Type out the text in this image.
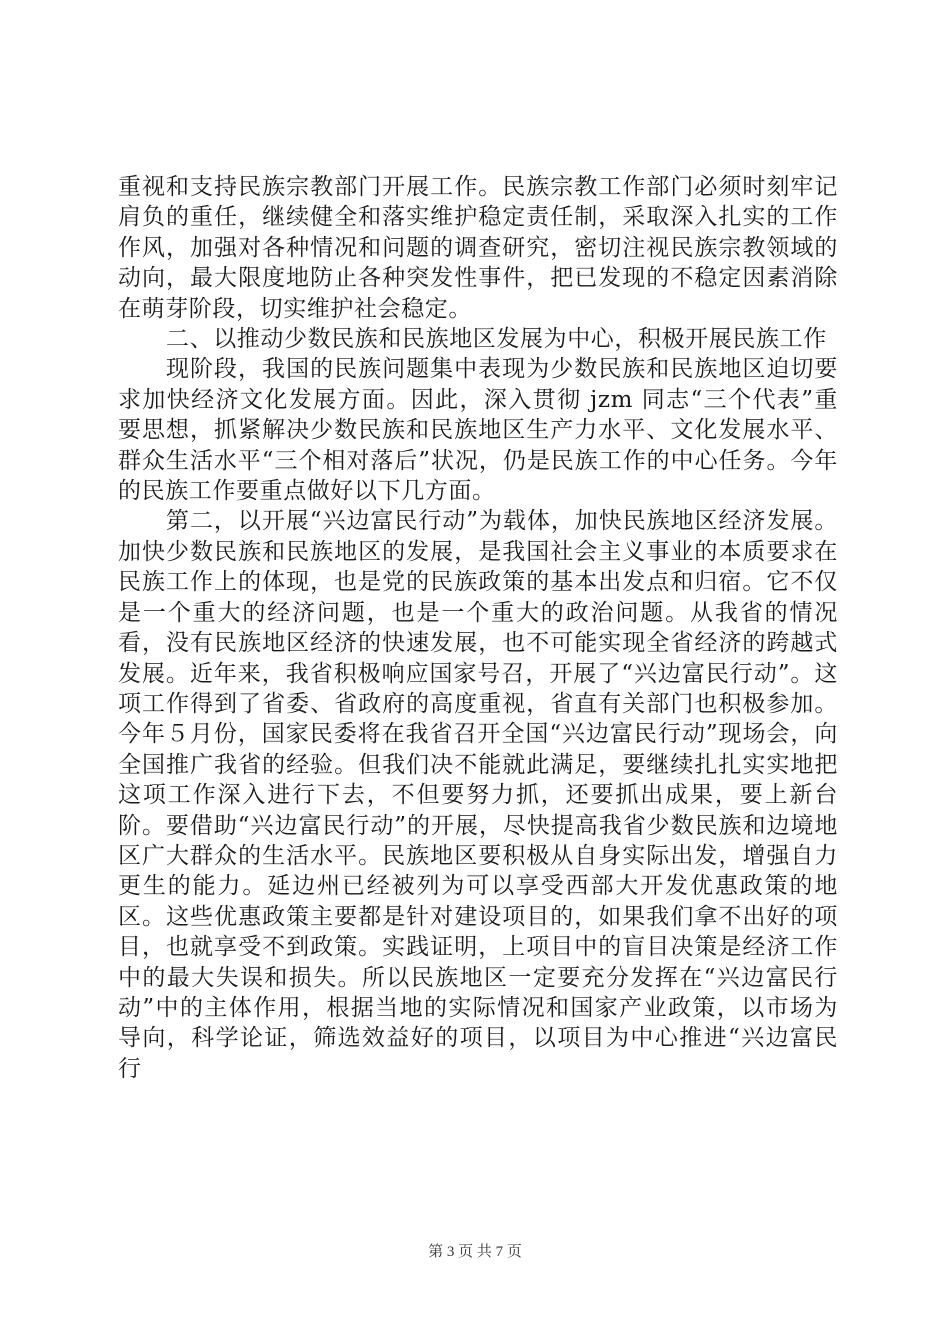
重视和支持民族宗教部门开展工作。民族宗教工作部门必须时刻牢记肩负的重任，继续健全和落实维护稳定责任制，采取深入扎实的工作作风，加强对各种情况和问题的调查研究，密切注视民族宗教领域的动向，最大限度地防止各种突发性事件，把已发现的不稳定因素消除在萌芽阶段，切实维护社会稳定。

二、以推动少数民族和民族地区发展为中心，积极开展民族工作

现阶段，我国的民族问题集中表现为少数民族和民族地区迫切要求加快经济文化发展方面。因此，深入贯彻 jzm 同志“三个代表”重要思想，抓紧解决少数民族和民族地区生产力水平、文化发展水平、群众生活水平“三个相对落后”状况，仍是民族工作的中心任务。今年的民族工作要重点做好以下几方面。

第二，以开展“兴边富民行动”为载体，加快民族地区经济发展。加快少数民族和民族地区的发展，是我国社会主义事业的本质要求在民族工作上的体现，也是党的民族政策的基本出发点和归宿。它不仅是一个重大的经济问题，也是一个重大的政治问题。从我省的情况看，没有民族地区经济的快速发展，也不可能实现全省经济的跨越式发展。近年来，我省积极响应国家号召，开展了“兴边富民行动”。这项工作得到了省委、省政府的高度重视，省直有关部门也积极参加。今年５月份，国家民委将在我省召开全国“兴边富民行动”现场会，向全国推广我省的经验。但我们决不能就此满足，要继续扎扎实实地把这项工作深入进行下去，不但要努力抓，还要抓出成果，要上新台阶。要借助“兴边富民行动”的开展，尽快提高我省少数民族和边境地区广大群众的生活水平。民族地区要积极从自身实际出发，增强自力更生的能力。延边州已经被列为可以享受西部大开发优惠政策的地区。这些优惠政策主要都是针对建设项目的，如果我们拿不出好的项目，也就享受不到政策。实践证明，上项目中的盲目决策是经济工作中的最大失误和损失。所以民族地区一定要充分发挥在“兴边富民行动”中的主体作用，根据当地的实际情况和国家产业政策，以市场为导向，科学论证，筛选效益好的项目，以项目为中心推进“兴边富民行

第 3 页 共 7 页
